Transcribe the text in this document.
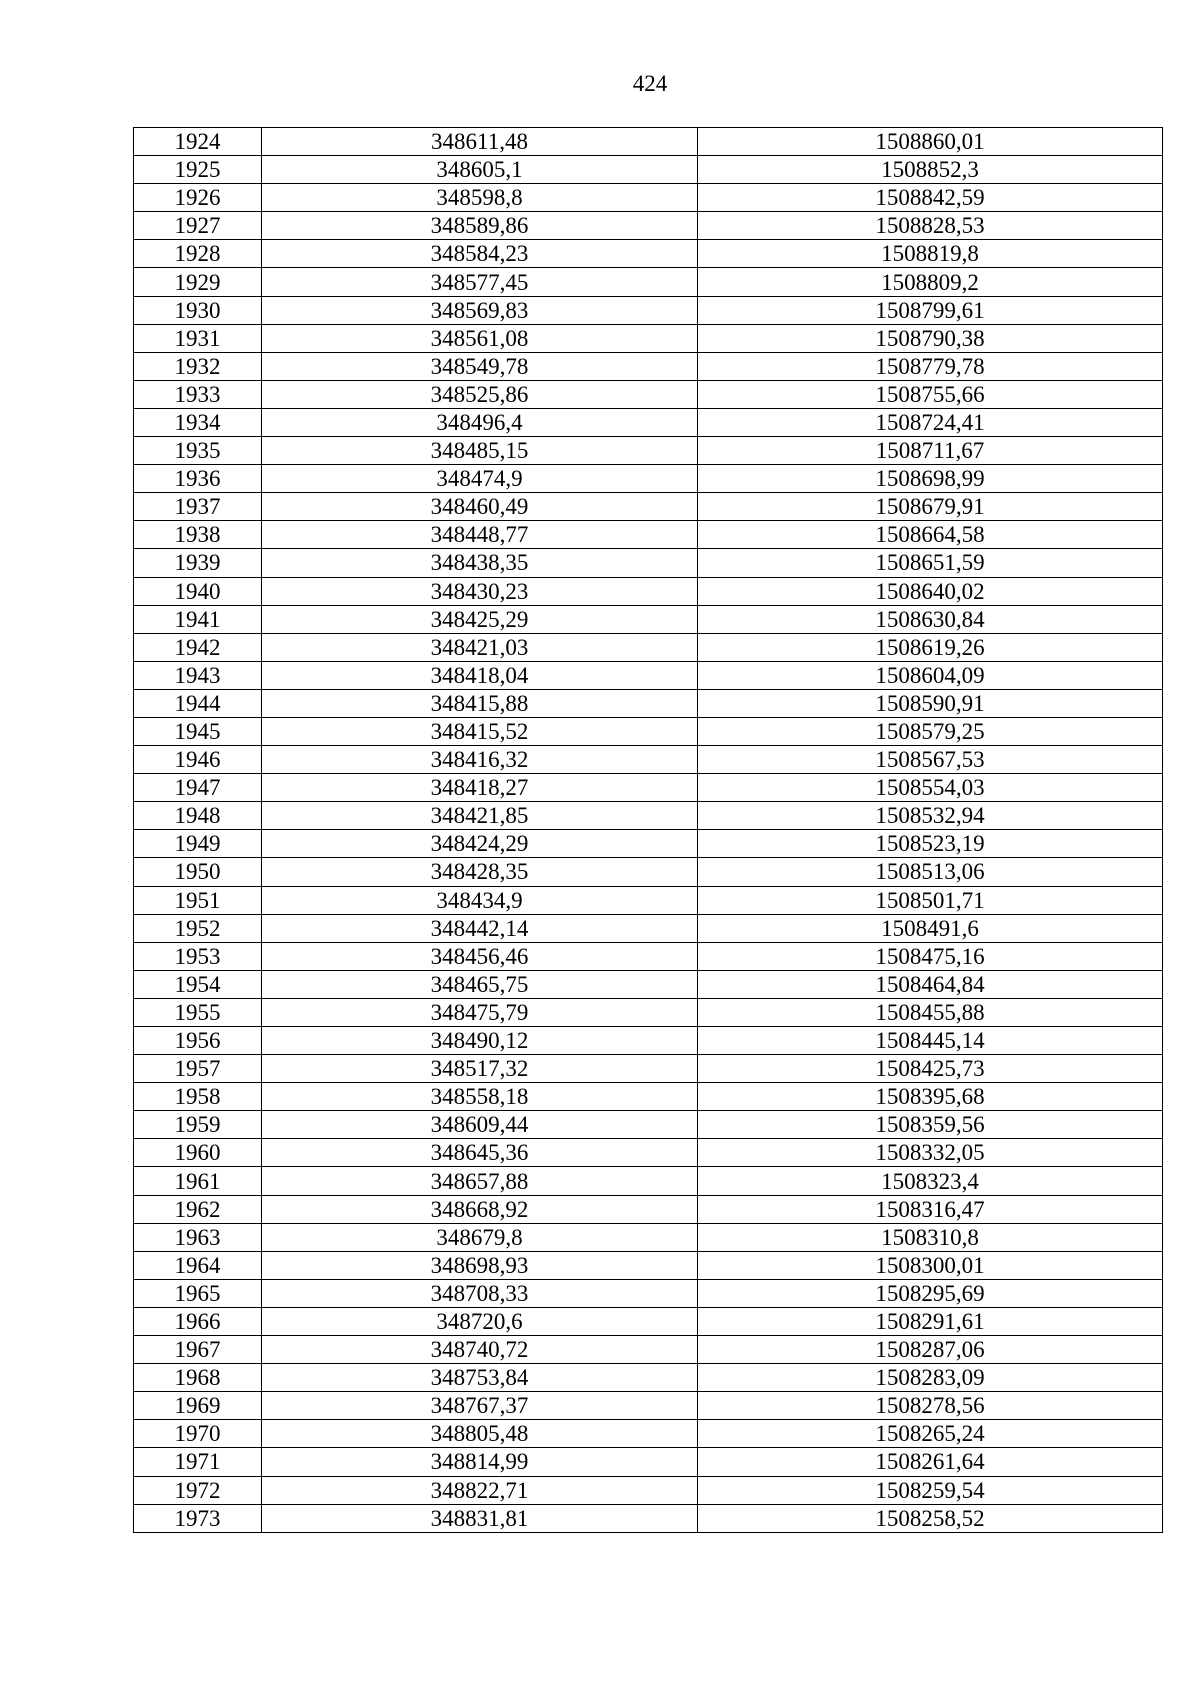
424
1924	348611,48	1508860,01
1925	348605,1	1508852,3
1926	348598,8	1508842,59
1927	348589,86	1508828,53
1928	348584,23	1508819,8
1929	348577,45	1508809,2
1930	348569,83	1508799,61
1931	348561,08	1508790,38
1932	348549,78	1508779,78
1933	348525,86	1508755,66
1934	348496,4	1508724,41
1935	348485,15	1508711,67
1936	348474,9	1508698,99
1937	348460,49	1508679,91
1938	348448,77	1508664,58
1939	348438,35	1508651,59
1940	348430,23	1508640,02
1941	348425,29	1508630,84
1942	348421,03	1508619,26
1943	348418,04	1508604,09
1944	348415,88	1508590,91
1945	348415,52	1508579,25
1946	348416,32	1508567,53
1947	348418,27	1508554,03
1948	348421,85	1508532,94
1949	348424,29	1508523,19
1950	348428,35	1508513,06
1951	348434,9	1508501,71
1952	348442,14	1508491,6
1953	348456,46	1508475,16
1954	348465,75	1508464,84
1955	348475,79	1508455,88
1956	348490,12	1508445,14
1957	348517,32	1508425,73
1958	348558,18	1508395,68
1959	348609,44	1508359,56
1960	348645,36	1508332,05
1961	348657,88	1508323,4
1962	348668,92	1508316,47
1963	348679,8	1508310,8
1964	348698,93	1508300,01
1965	348708,33	1508295,69
1966	348720,6	1508291,61
1967	348740,72	1508287,06
1968	348753,84	1508283,09
1969	348767,37	1508278,56
1970	348805,48	1508265,24
1971	348814,99	1508261,64
1972	348822,71	1508259,54
1973	348831,81	1508258,52
